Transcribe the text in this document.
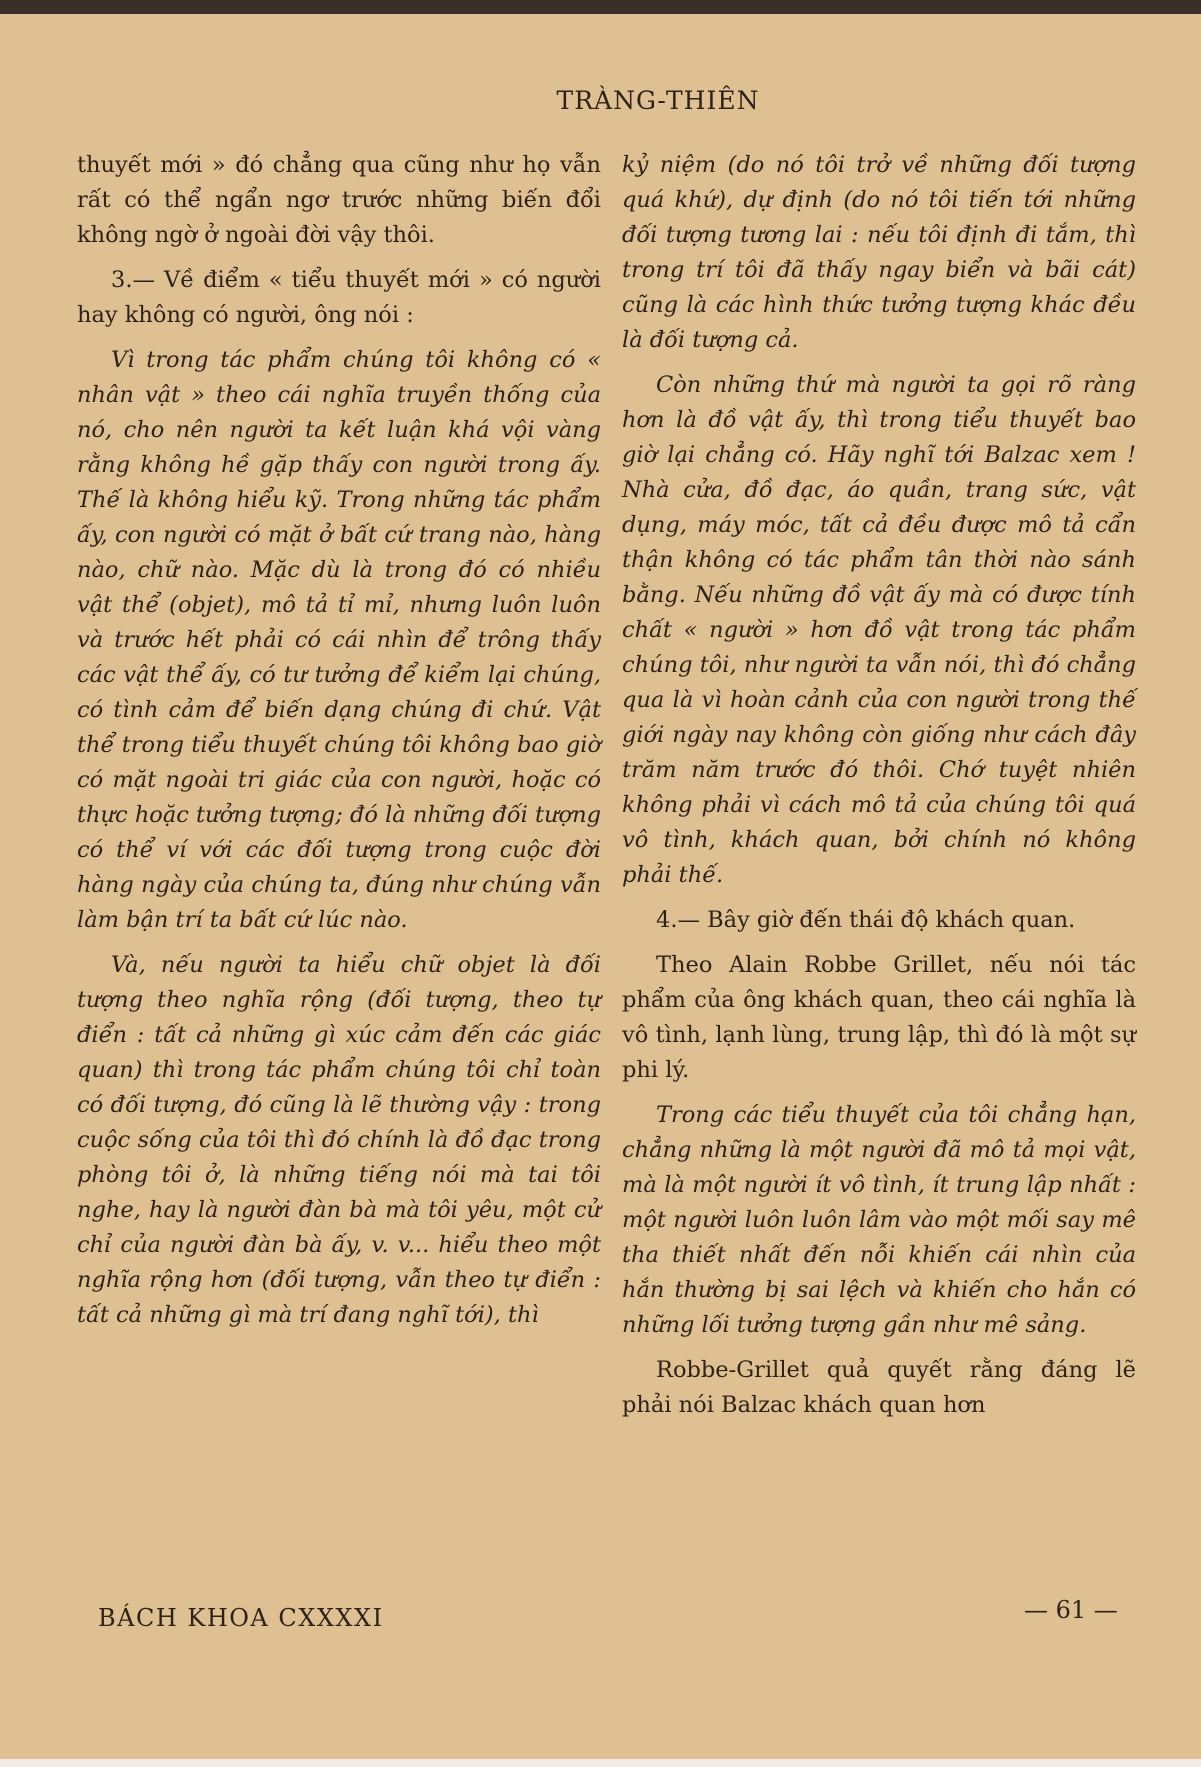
TRÀNG-THIÊN

thuyết mới » đó chẳng qua cũng như họ vẫn rất có thể ngẩn ngơ trước những biến đổi không ngờ ở ngoài đời vậy thôi.

3.— Về điểm « tiểu thuyết mới » có người hay không có người, ông nói :

Vì trong tác phẩm chúng tôi không có « nhân vật » theo cái nghĩa truyền thống của nó, cho nên người ta kết luận khá vội vàng rằng không hề gặp thấy con người trong ấy. Thế là không hiểu kỹ. Trong những tác phẩm ấy, con người có mặt ở bất cứ trang nào, hàng nào, chữ nào. Mặc dù là trong đó có nhiều vật thể (objet), mô tả tỉ mỉ, nhưng luôn luôn và trước hết phải có cái nhìn để trông thấy các vật thể ấy, có tư tưởng để kiểm lại chúng, có tình cảm để biến dạng chúng đi chứ. Vật thể trong tiểu thuyết chúng tôi không bao giờ có mặt ngoài tri giác của con người, hoặc có thực hoặc tưởng tượng; đó là những đối tượng có thể ví với các đối tượng trong cuộc đời hàng ngày của chúng ta, đúng như chúng vẫn làm bận trí ta bất cứ lúc nào.

Và, nếu người ta hiểu chữ objet là đối tượng theo nghĩa rộng (đối tượng, theo tự điển : tất cả những gì xúc cảm đến các giác quan) thì trong tác phẩm chúng tôi chỉ toàn có đối tượng, đó cũng là lẽ thường vậy : trong cuộc sống của tôi thì đó chính là đồ đạc trong phòng tôi ở, là những tiếng nói mà tai tôi nghe, hay là người đàn bà mà tôi yêu, một cử chỉ của người đàn bà ấy, v. v... hiểu theo một nghĩa rộng hơn (đối tượng, vẫn theo tự điển : tất cả những gì mà trí đang nghĩ tới), thì

kỷ niệm (do nó tôi trở về những đối tượng quá khứ), dự định (do nó tôi tiến tới những đối tượng tương lai : nếu tôi định đi tắm, thì trong trí tôi đã thấy ngay biển và bãi cát) cũng là các hình thức tưởng tượng khác đều là đối tượng cả.

Còn những thứ mà người ta gọi rõ ràng hơn là đồ vật ấy, thì trong tiểu thuyết bao giờ lại chẳng có. Hãy nghĩ tới Balzac xem ! Nhà cửa, đồ đạc, áo quần, trang sức, vật dụng, máy móc, tất cả đều được mô tả cẩn thận không có tác phẩm tân thời nào sánh bằng. Nếu những đồ vật ấy mà có được tính chất « người » hơn đồ vật trong tác phẩm chúng tôi, như người ta vẫn nói, thì đó chẳng qua là vì hoàn cảnh của con người trong thế giới ngày nay không còn giống như cách đây trăm năm trước đó thôi. Chớ tuyệt nhiên không phải vì cách mô tả của chúng tôi quá vô tình, khách quan, bởi chính nó không phải thế.

4.— Bây giờ đến thái độ khách quan.

Theo Alain Robbe Grillet, nếu nói tác phẩm của ông khách quan, theo cái nghĩa là vô tình, lạnh lùng, trung lập, thì đó là một sự phi lý.

Trong các tiểu thuyết của tôi chẳng hạn, chẳng những là một người đã mô tả mọi vật, mà là một người ít vô tình, ít trung lập nhất : một người luôn luôn lâm vào một mối say mê tha thiết nhất đến nỗi khiến cái nhìn của hắn thường bị sai lệch và khiến cho hắn có những lối tưởng tượng gần như mê sảng.

Robbe-Grillet quả quyết rằng đáng lẽ phải nói Balzac khách quan hơn

BÁCH KHOA CXXXXI	— 61 —
